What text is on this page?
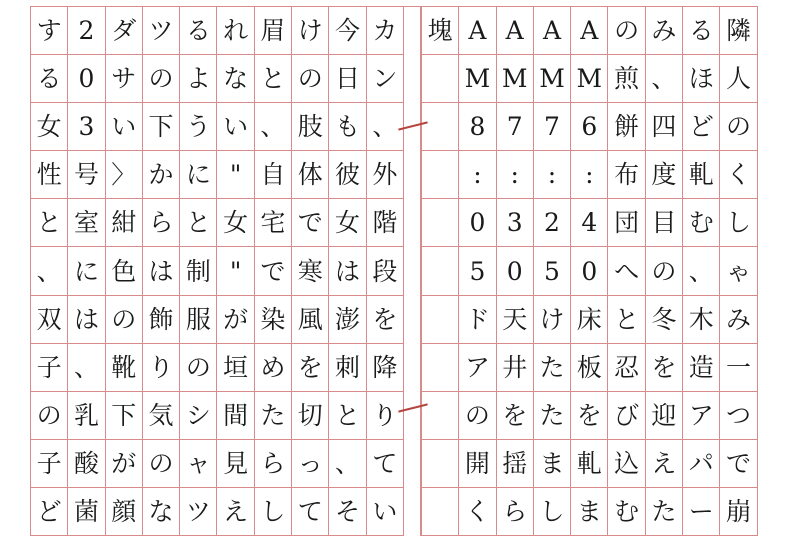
隣
人
の
く
し
ゃ
み
一
つ
で
崩
る
ほ
ど
軋
む
、
木
造
ア
パ
ー
み
、
四
度
目
の
冬
を
迎
え
た
の
煎
餅
布
団
へ
と
忍
び
込
む
A
M
6
:
4
0
床
板
を
軋
ま
A
M
7
:
2
5
け
た
た
ま
し
A
M
7
:
3
0
天
井
を
揺
ら
A
M
8
:
0
5
ド
ア
の
開
く
塊
カ
ン
、
外
階
段
を
降
り
て
い
今
日
も
彼
女
は
澎
刺
と
、
そ
け
の
肢
体
で
寒
風
を
切
っ
て
眉
と
、
自
宅
で
染
め
た
ら
し
れ
な
い
"
女
"
が
垣
間
見
え
る
よ
う
に
と
制
服
の
シ
ャ
ツ
ツ
の
下
か
ら
は
飾
り
気
の
な
ダ
サ
い
〉
紺
色
の
靴
下
が
顔
2
0
3
号
室
に
は
、
乳
酸
菌
す
る
女
性
と
、
双
子
の
子
ど
